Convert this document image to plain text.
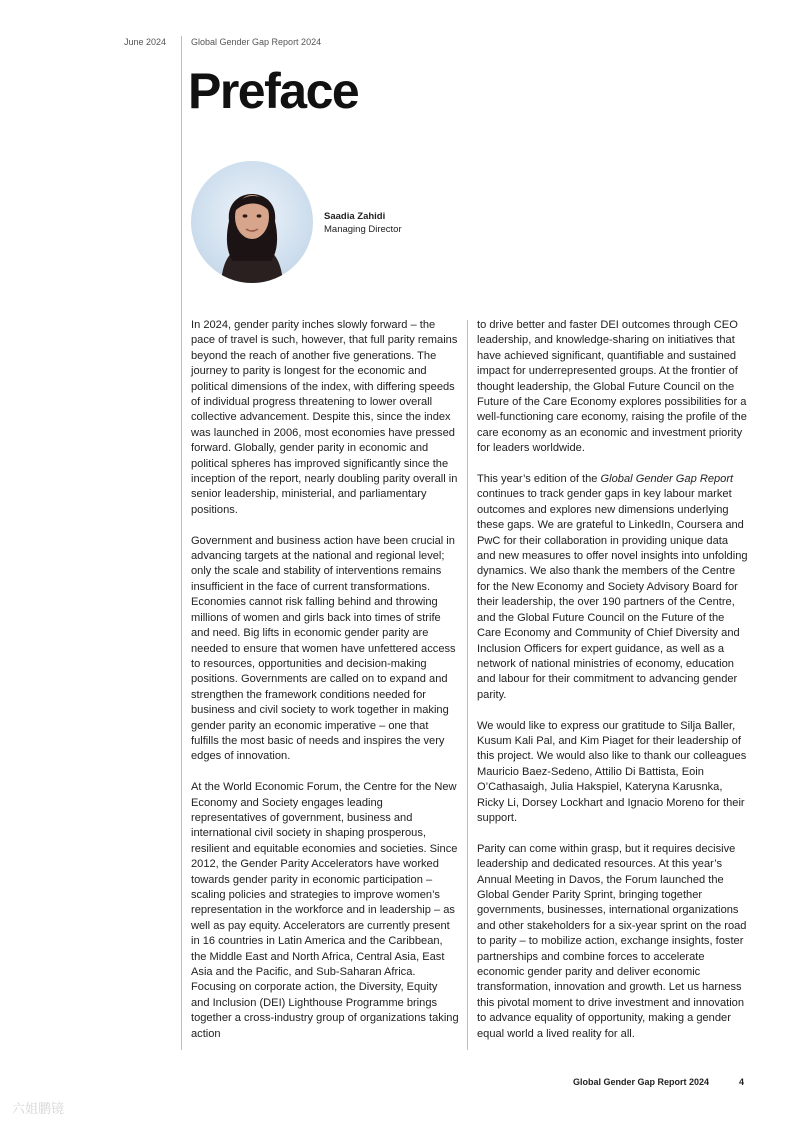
June 2024	Global Gender Gap Report 2024
Preface
Saadia Zahidi
Managing Director

In 2024, gender parity inches slowly forward – the pace of travel is such, however, that full parity remains beyond the reach of another five generations. The journey to parity is longest for the economic and political dimensions of the index, with differing speeds of individual progress threatening to lower overall collective advancement. Despite this, since the index was launched in 2006, most economies have pressed forward. Globally, gender parity in economic and political spheres has improved significantly since the inception of the report, nearly doubling parity overall in senior leadership, ministerial, and parliamentary positions.

Government and business action have been crucial in advancing targets at the national and regional level; only the scale and stability of interventions remains insufficient in the face of current transformations. Economies cannot risk falling behind and throwing millions of women and girls back into times of strife and need. Big lifts in economic gender parity are needed to ensure that women have unfettered access to resources, opportunities and decision-making positions. Governments are called on to expand and strengthen the framework conditions needed for business and civil society to work together in making gender parity an economic imperative – one that fulfills the most basic of needs and inspires the very edges of innovation.

At the World Economic Forum, the Centre for the New Economy and Society engages leading representatives of government, business and international civil society in shaping prosperous, resilient and equitable economies and societies. Since 2012, the Gender Parity Accelerators have worked towards gender parity in economic participation – scaling policies and strategies to improve women’s representation in the workforce and in leadership – as well as pay equity. Accelerators are currently present in 16 countries in Latin America and the Caribbean, the Middle East and North Africa, Central Asia, East Asia and the Pacific, and Sub-Saharan Africa. Focusing on corporate action, the Diversity, Equity and Inclusion (DEI) Lighthouse Programme brings together a cross-industry group of organizations taking action

to drive better and faster DEI outcomes through CEO leadership, and knowledge-sharing on initiatives that have achieved significant, quantifiable and sustained impact for underrepresented groups. At the frontier of thought leadership, the Global Future Council on the Future of the Care Economy explores possibilities for a well-functioning care economy, raising the profile of the care economy as an economic and investment priority for leaders worldwide.

This year’s edition of the Global Gender Gap Report continues to track gender gaps in key labour market outcomes and explores new dimensions underlying these gaps. We are grateful to LinkedIn, Coursera and PwC for their collaboration in providing unique data and new measures to offer novel insights into unfolding dynamics. We also thank the members of the Centre for the New Economy and Society Advisory Board for their leadership, the over 190 partners of the Centre, and the Global Future Council on the Future of the Care Economy and Community of Chief Diversity and Inclusion Officers for expert guidance, as well as a network of national ministries of economy, education and labour for their commitment to advancing gender parity.

We would like to express our gratitude to Silja Baller, Kusum Kali Pal, and Kim Piaget for their leadership of this project. We would also like to thank our colleagues Mauricio Baez-Sedeno, Attilio Di Battista, Eoin O’Cathasaigh, Julia Hakspiel, Kateryna Karusnka, Ricky Li, Dorsey Lockhart and Ignacio Moreno for their support.

Parity can come within grasp, but it requires decisive leadership and dedicated resources. At this year’s Annual Meeting in Davos, the Forum launched the Global Gender Parity Sprint, bringing together governments, businesses, international organizations and other stakeholders for a six-year sprint on the road to parity – to mobilize action, exchange insights, foster partnerships and combine forces to accelerate economic gender parity and deliver economic transformation, innovation and growth. Let us harness this pivotal moment to drive investment and innovation to advance equality of opportunity, making a gender equal world a lived reality for all.

Global Gender Gap Report 2024	4
六姐鹏镜
